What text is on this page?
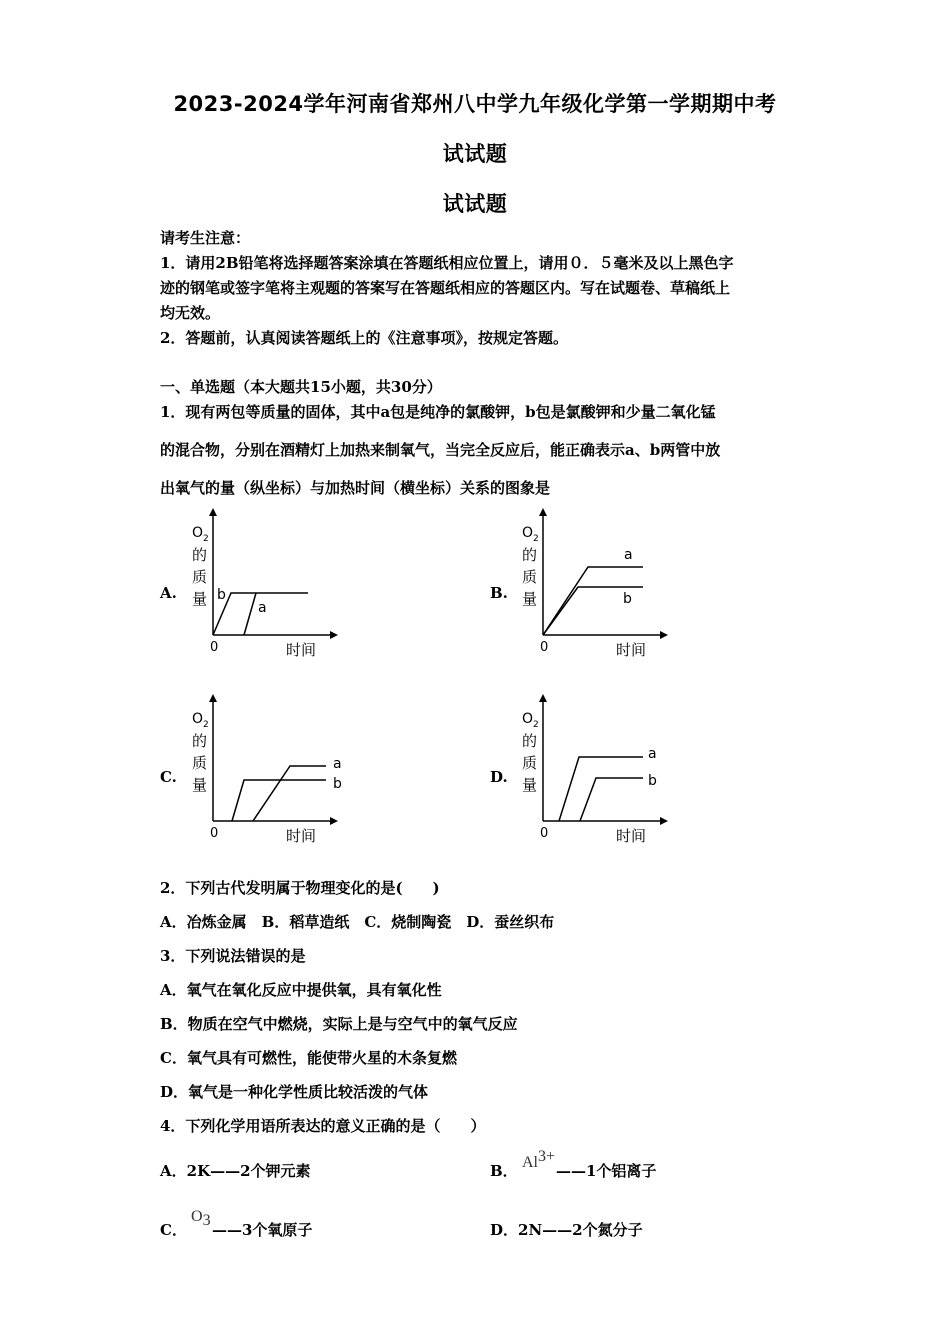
2023-2024学年河南省郑州八中学九年级化学第一学期期中考
试试题
试试题
请考生注意：
1．请用2B铅笔将选择题答案涂填在答题纸相应位置上，请用０．５毫米及以上黑色字
迹的钢笔或签字笔将主观题的答案写在答题纸相应的答题区内。写在试题卷、草稿纸上
均无效。
2．答题前，认真阅读答题纸上的《注意事项》，按规定答题。
一、单选题（本大题共15小题，共30分）
1．现有两包等质量的固体，其中a包是纯净的氯酸钾，b包是氯酸钾和少量二氧化锰
的混合物，分别在酒精灯上加热来制氧气，当完全反应后，能正确表示a、b两管中放
出氧气的量（纵坐标）与加热时间（横坐标）关系的图象是
A.
O 2
的
质
量
0	时间
b
a
B.
O 2
的
质
量
0	时间
a
b
C.
O 2
的
质
量
0	时间
a
b	D.
O 2
的
质
量
0	时间
a
b
2．下列古代发明属于物理变化的是(　　)
A．冶炼金属　B．稻草造纸　C．烧制陶瓷　D．蚕丝织布
3．下列说法错误的是
A．氧气在氧化反应中提供氧，具有氧化性
B．物质在空气中燃烧，实际上是与空气中的氧气反应
C．氧气具有可燃性，能使带火星的木条复燃
D．氧气是一种化学性质比较活泼的气体
4．下列化学用语所表达的意义正确的是（　　）
A．2K——2个钾元素	B． Al3+
——1个铝离子
C．
O3
——3个氧原子	D．2N——2个氮分子
